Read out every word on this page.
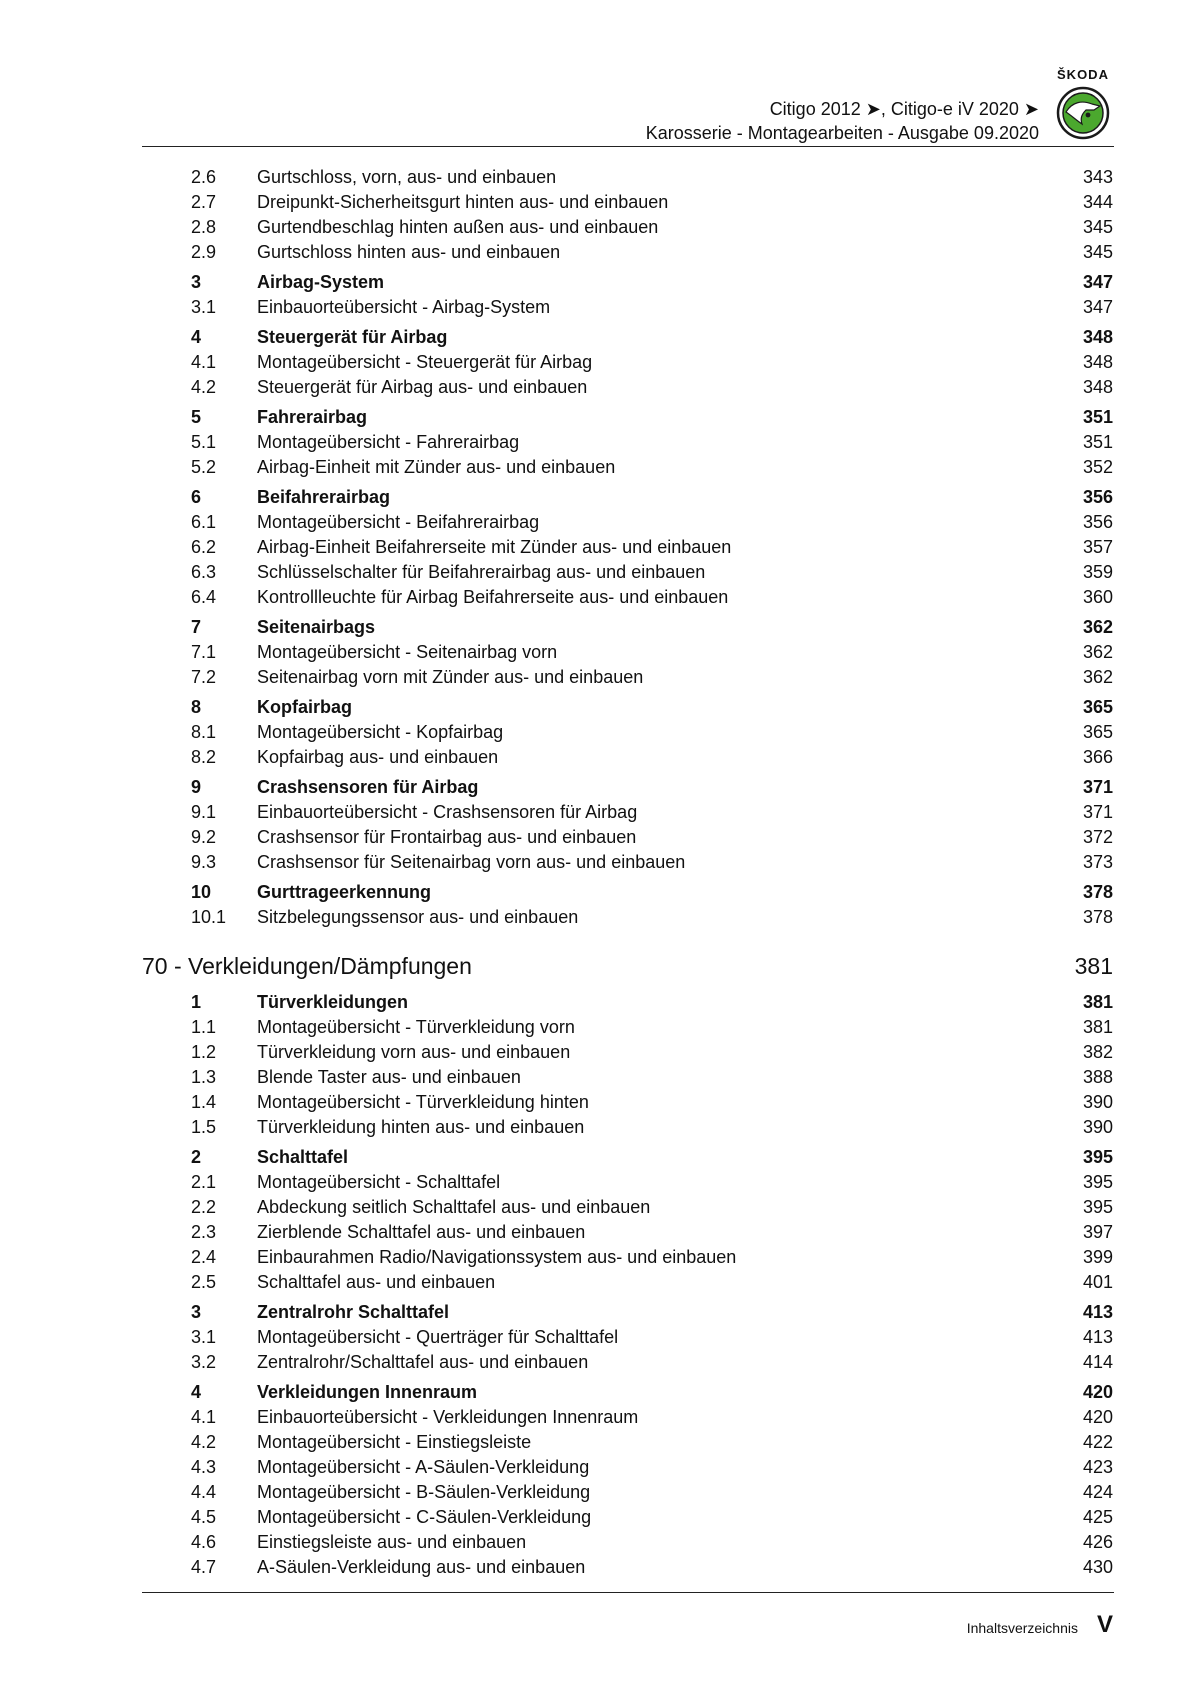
ŠKODA
Citigo 2012 ➤, Citigo-e iV 2020 ➤
Karosserie - Montagearbeiten - Ausgabe 09.2020
2.6 Gurtschloss, vorn, aus- und einbauen . . .	343
2.7 Dreipunkt-Sicherheitsgurt hinten aus- und einbauen . . .	344
2.8 Gurtendbeschlag hinten außen aus- und einbauen . . .	345
2.9 Gurtschloss hinten aus- und einbauen . . .	345
3	Airbag-System . . .	347
3.1 Einbauorteübersicht - Airbag-System . . .	347
4	Steuergerät für Airbag . . .	348
4.1 Montageübersicht - Steuergerät für Airbag . . .	348
4.2 Steuergerät für Airbag aus- und einbauen . . .	348
5	Fahrerairbag . . .	351
5.1 Montageübersicht - Fahrerairbag . . .	351
5.2 Airbag-Einheit mit Zünder aus- und einbauen . . .	352
6	Beifahrerairbag . . .	356
6.1 Montageübersicht - Beifahrerairbag . . .	356
6.2 Airbag-Einheit Beifahrerseite mit Zünder aus- und einbauen . . .	357
6.3 Schlüsselschalter für Beifahrerairbag aus- und einbauen . . .	359
6.4 Kontrollleuchte für Airbag Beifahrerseite aus- und einbauen . . .	360
7	Seitenairbags . . .	362
7.1 Montageübersicht - Seitenairbag vorn . . .	362
7.2 Seitenairbag vorn mit Zünder aus- und einbauen . . .	362
8	Kopfairbag . . .	365
8.1 Montageübersicht - Kopfairbag . . .	365
8.2 Kopfairbag aus- und einbauen . . .	366
9	Crashsensoren für Airbag . . .	371
9.1 Einbauorteübersicht - Crashsensoren für Airbag . . .	371
9.2 Crashsensor für Frontairbag aus- und einbauen . . .	372
9.3 Crashsensor für Seitenairbag vorn aus- und einbauen . . .	373
10	Gurttrageerkennung . . .	378
10.1 Sitzbelegungssensor aus- und einbauen . . .	378
70 - Verkleidungen/Dämpfungen . . .	381
1	Türverkleidungen . . .	381
1.1 Montageübersicht - Türverkleidung vorn . . .	381
1.2 Türverkleidung vorn aus- und einbauen . . .	382
1.3 Blende Taster aus- und einbauen . . .	388
1.4 Montageübersicht - Türverkleidung hinten . . .	390
1.5 Türverkleidung hinten aus- und einbauen . . .	390
2	Schalttafel . . .	395
2.1 Montageübersicht - Schalttafel . . .	395
2.2 Abdeckung seitlich Schalttafel aus- und einbauen . . .	395
2.3 Zierblende Schalttafel aus- und einbauen . . .	397
2.4 Einbaurahmen Radio/Navigationssystem aus- und einbauen . . .	399
2.5 Schalttafel aus- und einbauen . . .	401
3	Zentralrohr Schalttafel . . .	413
3.1 Montageübersicht - Querträger für Schalttafel . . .	413
3.2 Zentralrohr/Schalttafel aus- und einbauen . . .	414
4	Verkleidungen Innenraum . . .	420
4.1 Einbauorteübersicht - Verkleidungen Innenraum . . .	420
4.2 Montageübersicht - Einstiegsleiste . . .	422
4.3 Montageübersicht - A-Säulen-Verkleidung . . .	423
4.4 Montageübersicht - B-Säulen-Verkleidung . . .	424
4.5 Montageübersicht - C-Säulen-Verkleidung . . .	425
4.6 Einstiegsleiste aus- und einbauen . . .	426
4.7 A-Säulen-Verkleidung aus- und einbauen . . .	430
Inhaltsverzeichnis V
